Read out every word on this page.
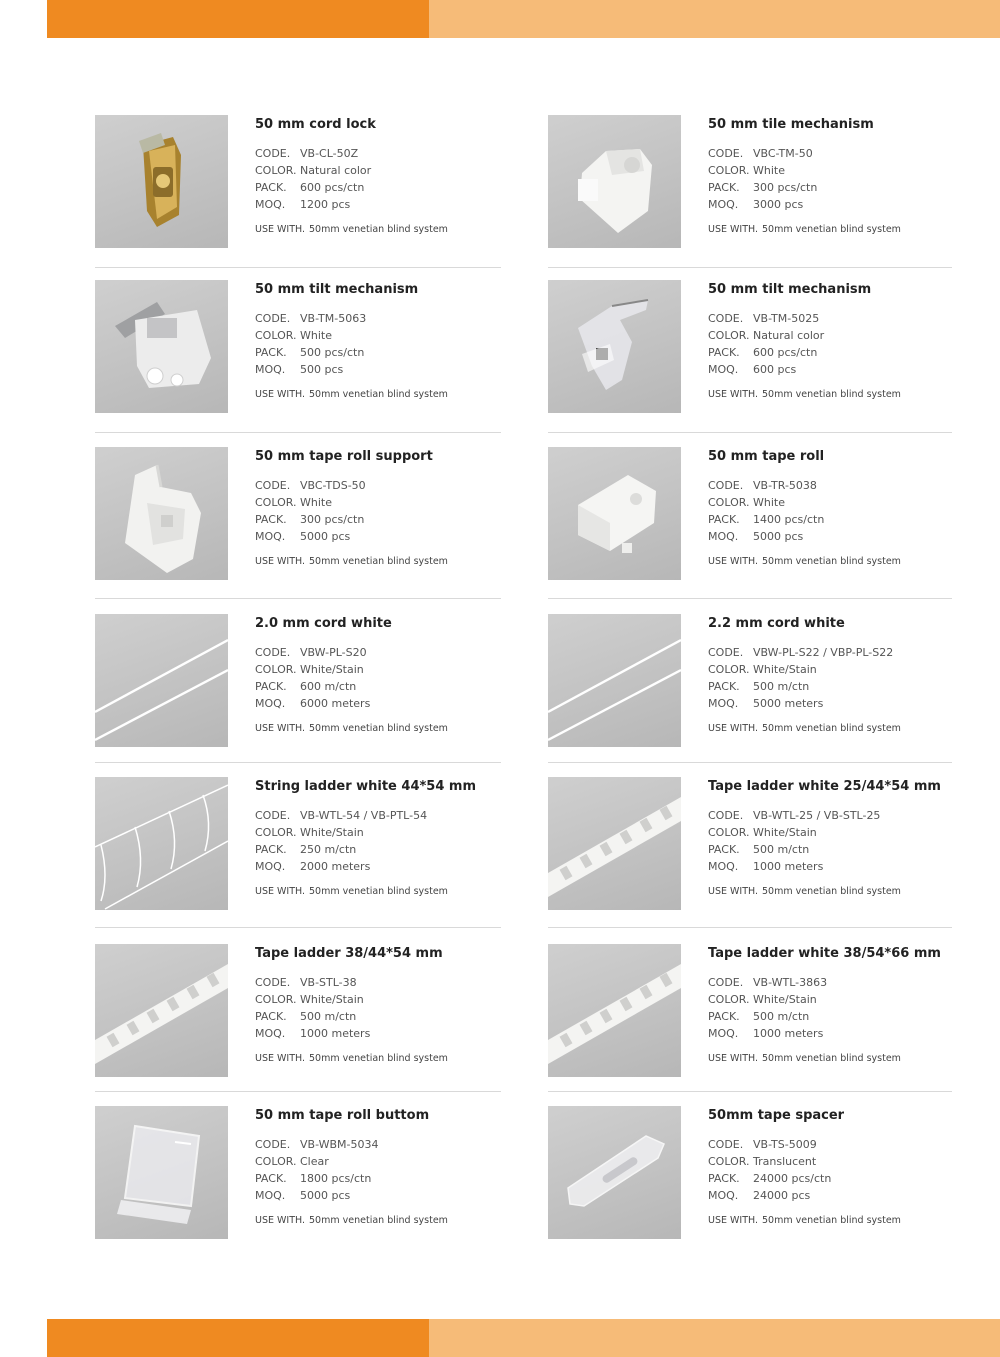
50 mm cord lock
CODE. VB-CL-50Z
COLOR. Natural color
PACK. 600 pcs/ctn
MOQ. 1200 pcs
USE WITH. 50mm venetian blind system
50 mm tile mechanism
CODE. VBC-TM-50
COLOR. White
PACK. 300 pcs/ctn
MOQ. 3000 pcs
USE WITH. 50mm venetian blind system
50 mm tilt mechanism
CODE. VB-TM-5063
COLOR. White
PACK. 500 pcs/ctn
MOQ. 500 pcs
USE WITH. 50mm venetian blind system
50 mm tilt mechanism
CODE. VB-TM-5025
COLOR. Natural color
PACK. 600 pcs/ctn
MOQ. 600 pcs
USE WITH. 50mm venetian blind system
50 mm tape roll support
CODE. VBC-TDS-50
COLOR. White
PACK. 300 pcs/ctn
MOQ. 5000 pcs
USE WITH. 50mm venetian blind system
50 mm tape roll
CODE. VB-TR-5038
COLOR. White
PACK. 1400 pcs/ctn
MOQ. 5000 pcs
USE WITH. 50mm venetian blind system
2.0 mm cord white
CODE. VBW-PL-S20
COLOR. White/Stain
PACK. 600 m/ctn
MOQ. 6000 meters
USE WITH. 50mm venetian blind system
2.2 mm cord white
CODE. VBW-PL-S22 / VBP-PL-S22
COLOR. White/Stain
PACK. 500 m/ctn
MOQ. 5000 meters
USE WITH. 50mm venetian blind system
String ladder white 44*54 mm
CODE. VB-WTL-54 / VB-PTL-54
COLOR. White/Stain
PACK. 250 m/ctn
MOQ. 2000 meters
USE WITH. 50mm venetian blind system
Tape ladder white 25/44*54 mm
CODE. VB-WTL-25 / VB-STL-25
COLOR. White/Stain
PACK. 500 m/ctn
MOQ. 1000 meters
USE WITH. 50mm venetian blind system
Tape ladder 38/44*54 mm
CODE. VB-STL-38
COLOR. White/Stain
PACK. 500 m/ctn
MOQ. 1000 meters
USE WITH. 50mm venetian blind system
Tape ladder white 38/54*66 mm
CODE. VB-WTL-3863
COLOR. White/Stain
PACK. 500 m/ctn
MOQ. 1000 meters
USE WITH. 50mm venetian blind system
50 mm tape roll buttom
CODE. VB-WBM-5034
COLOR. Clear
PACK. 1800 pcs/ctn
MOQ. 5000 pcs
USE WITH. 50mm venetian blind system
50mm tape spacer
CODE. VB-TS-5009
COLOR. Translucent
PACK. 24000 pcs/ctn
MOQ. 24000 pcs
USE WITH. 50mm venetian blind system
